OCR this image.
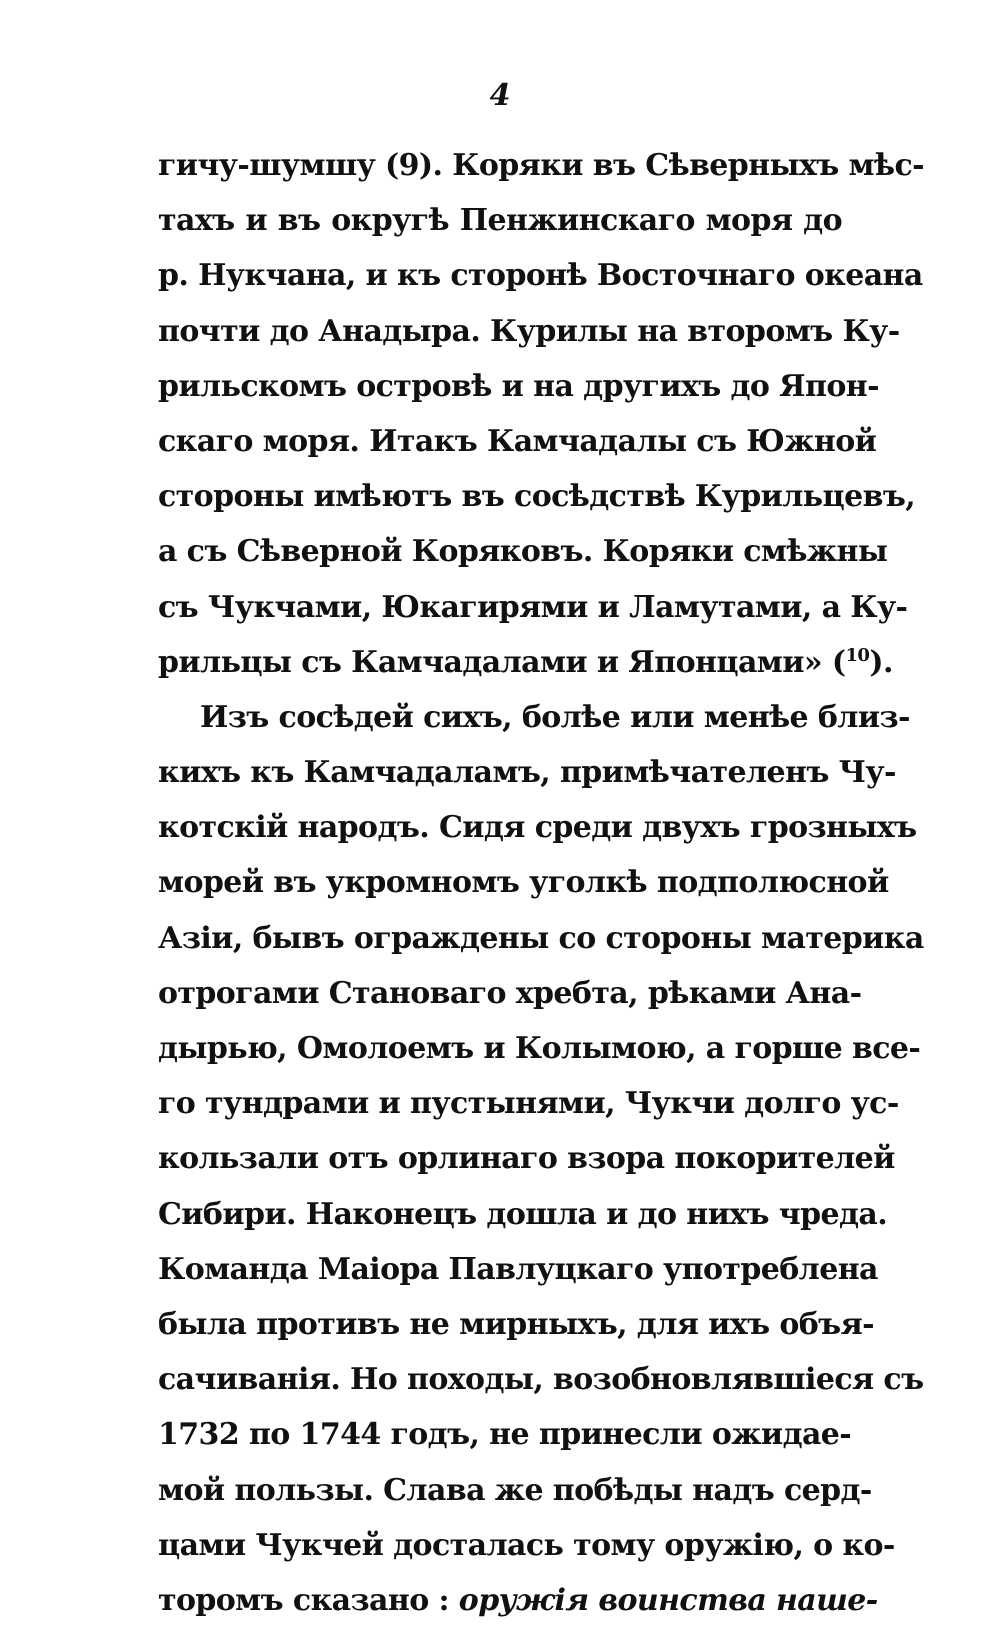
4
гичу-шумшу (9). Коряки въ Сѣверныхъ мѣс-
тахъ и въ округѣ Пенжинскаго моря до
р. Нукчана, и къ сторонѣ Восточнаго океана
почти до Анадыра. Курилы на второмъ Ку-
рильскомъ островѣ и на другихъ до Япон-
скаго моря. Итакъ Камчадалы съ Южной
стороны имѣютъ въ сосѣдствѣ Курильцевъ,
а съ Сѣверной Коряковъ. Коряки смѣжны
съ Чукчами, Юкагирями и Ламутами, а Ку-
рильцы съ Камчадалами и Японцами» ($^{10}$).
Изъ сосѣдей сихъ, болѣе или менѣе близ-
кихъ къ Камчадаламъ, примѣчателенъ Чу-
котскій народъ. Сидя среди двухъ грозныхъ
морей въ укромномъ уголкѣ подполюсной
Азіи, бывъ ограждены со стороны материка
отрогами Становаго хребта, рѣками Ана-
дырью, Омолоемъ и Колымою, а горше все-
го тундрами и пустынями, Чукчи долго ус-
кользали отъ орлинаго взора покорителей
Сибири. Наконецъ дошла и до нихъ чреда.
Команда Маіора Павлуцкаго употреблена
была противъ не мирныхъ, для ихъ объя-
сачиванія. Но походы, возобновлявшіеся съ
1732 по 1744 годъ, не принесли ожидае-
мой пользы. Слава же побѣды надъ серд-
цами Чукчей досталась тому оружію, о ко-
торомъ сказано : оружія воинства наше-
